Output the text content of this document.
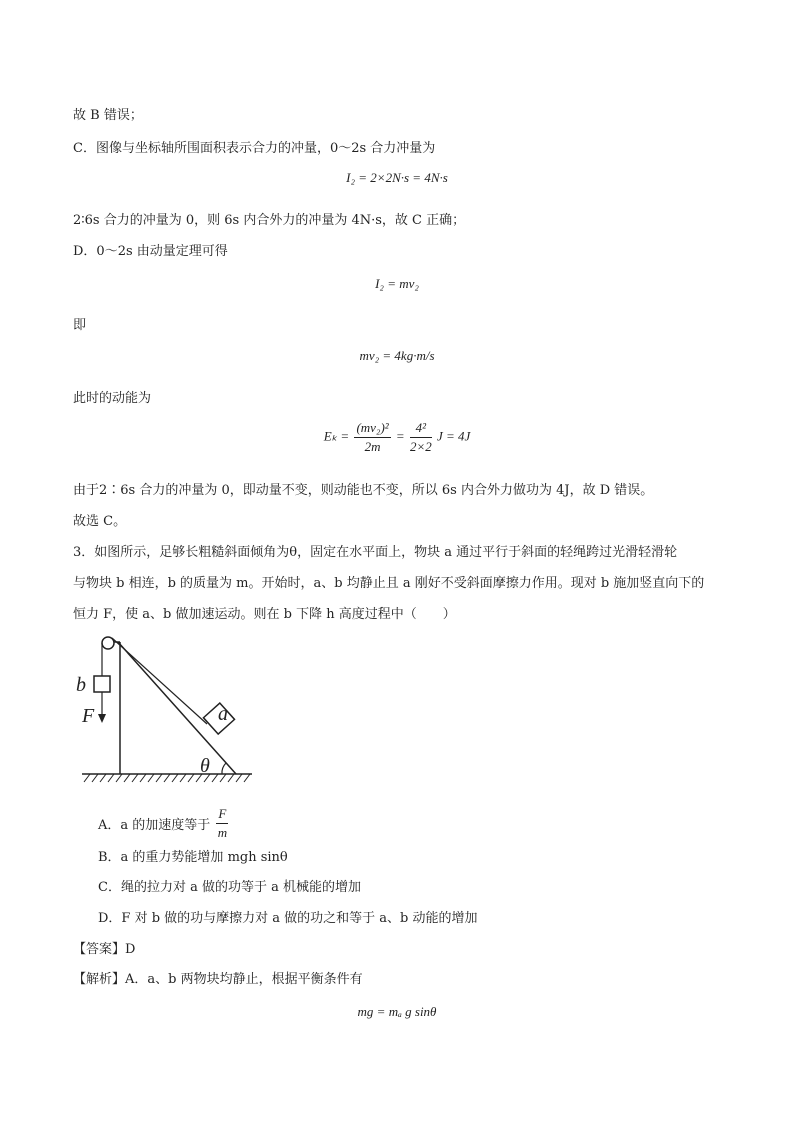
故 B 错误；
C．图像与坐标轴所围面积表示合力的冲量，0～2s 合力冲量为
I₂ = 2×2N·s = 4N·s
2∶6s 合力的冲量为 0，则 6s 内合外力的冲量为 4N·s，故 C 正确；
D．0～2s 由动量定理可得
I₂ = mv₂
即
mv₂ = 4kg·m/s
此时的动能为
$E_k = \frac{\text{(mv₂)²}}{2m} = \frac{\text{4²}}{2\times 2}$ J = 4J
由于2∶6s 合力的冲量为 0，即动量不变，则动能也不变，所以 6s 内合外力做功为 4J，故 D 错误。
故选 C。
3．如图所示，足够长粗糙斜面倾角为θ，固定在水平面上，物块 a 通过平行于斜面的轻绳跨过光滑轻滑轮
与物块 b 相连，b 的质量为 m。开始时，a、b 均静止且 a 刚好不受斜面摩擦力作用。现对 b 施加竖直向下的
恒力 F，使 a、b 做加速运动。则在 b 下降 h 高度过程中（　　）
b
F	a
θ
A．a 的加速度等于 $\frac{F}{m}$
B．a 的重力势能增加 mgh sinθ
C．绳的拉力对 a 做的功等于 a 机械能的增加
D．F 对 b 做的功与摩擦力对 a 做的功之和等于 a、b 动能的增加
【答案】D
【解析】A．a、b 两物块均静止，根据平衡条件有
mg = mₐ g sinθ
